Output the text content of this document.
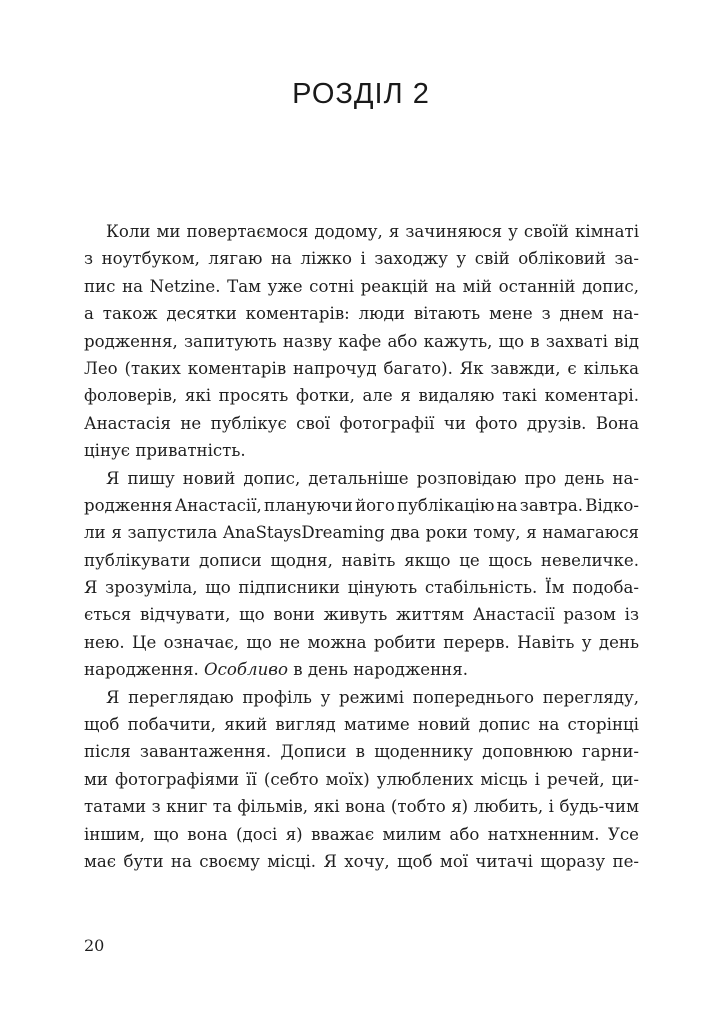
РОЗДІЛ 2
Коли ми повертаємося додому, я зачиняюся у своїй кімнаті
з ноутбуком, лягаю на ліжко і заходжу у свій обліковий за-
пис на Netzine. Там уже сотні реакцій на мій останній допис,
а також десятки коментарів: люди вітають мене з днем на-
родження, запитують назву кафе або кажуть, що в захваті від
Лео (таких коментарів напрочуд багато). Як завжди, є кілька
фоловерів, які просять фотки, але я видаляю такі коментарі.
Анастасія не публікує свої фотографії чи фото друзів. Вона
цінує приватність.
Я пишу новий допис, детальніше розповідаю про день на-
родження Анастасії, плануючи його публікацію на завтра. Відко-
ли я запустила AnaStaysDreaming два роки тому, я намагаюся
публікувати дописи щодня, навіть якщо це щось невеличке.
Я зрозуміла, що підписники цінують стабільність. Їм подоба-
ється відчувати, що вони живуть життям Анастасії разом із
нею. Це означає, що не можна робити перерв. Навіть у день
народження. Особливо в день народження.
Я переглядаю профіль у режимі попереднього перегляду,
щоб побачити, який вигляд матиме новий допис на сторінці
після завантаження. Дописи в щоденнику доповнюю гарни-
ми фотографіями її (себто моїх) улюблених місць і речей, ци-
татами з книг та фільмів, які вона (тобто я) любить, і будь-чим
іншим, що вона (досі я) вважає милим або натхненним. Усе
має бути на своєму місці. Я хочу, щоб мої читачі щоразу пе-
20
